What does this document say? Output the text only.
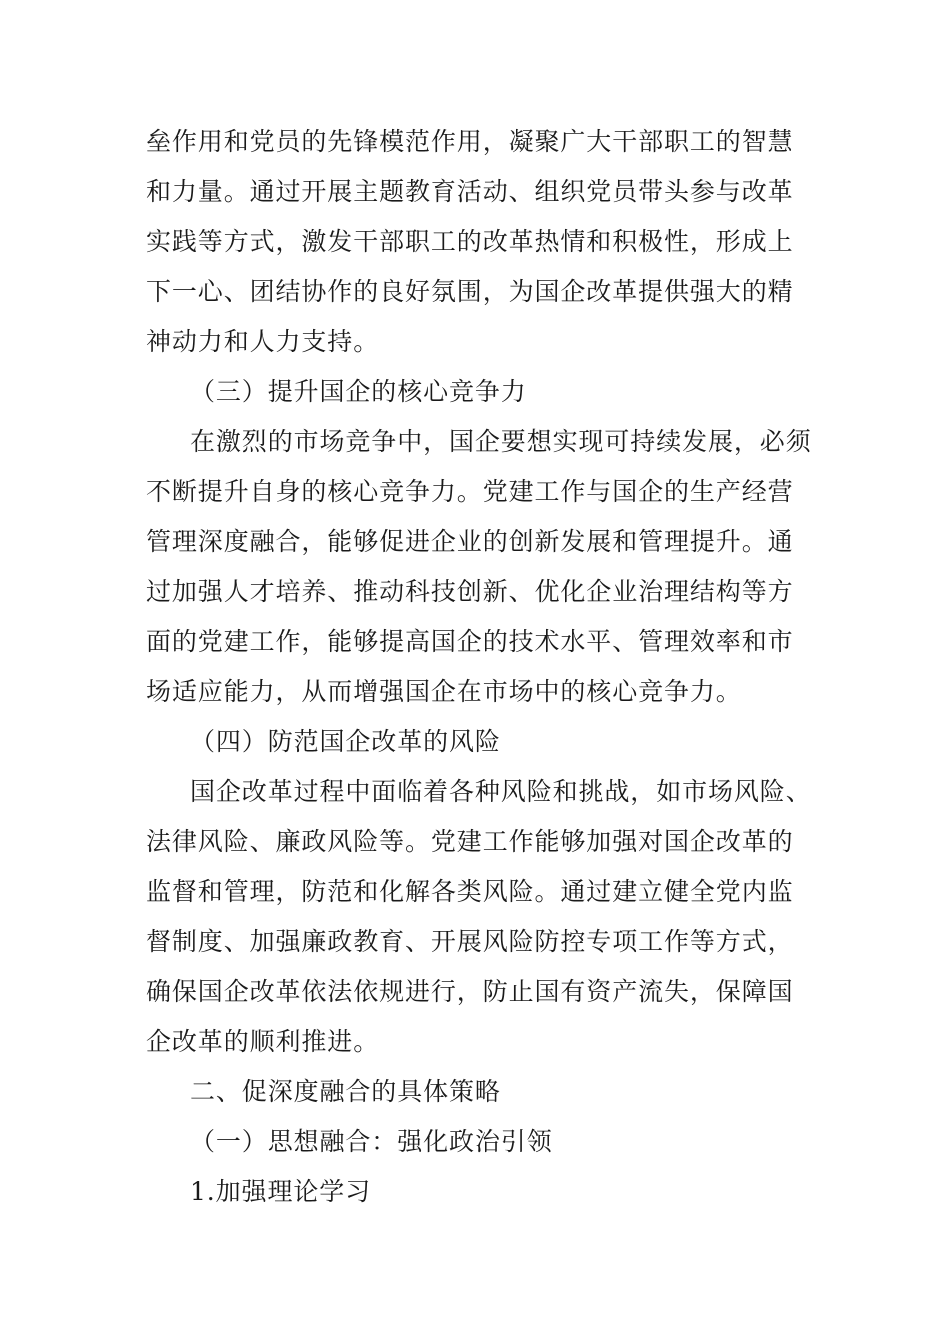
垒作用和党员的先锋模范作用，凝聚广大干部职工的智慧
和力量。通过开展主题教育活动、组织党员带头参与改革
实践等方式，激发干部职工的改革热情和积极性，形成上
下一心、团结协作的良好氛围，为国企改革提供强大的精
神动力和人力支持。
（三）提升国企的核心竞争力
在激烈的市场竞争中，国企要想实现可持续发展，必须
不断提升自身的核心竞争力。党建工作与国企的生产经营
管理深度融合，能够促进企业的创新发展和管理提升。通
过加强人才培养、推动科技创新、优化企业治理结构等方
面的党建工作，能够提高国企的技术水平、管理效率和市
场适应能力，从而增强国企在市场中的核心竞争力。
（四）防范国企改革的风险
国企改革过程中面临着各种风险和挑战，如市场风险、
法律风险、廉政风险等。党建工作能够加强对国企改革的
监督和管理，防范和化解各类风险。通过建立健全党内监
督制度、加强廉政教育、开展风险防控专项工作等方式，
确保国企改革依法依规进行，防止国有资产流失，保障国
企改革的顺利推进。
二、促深度融合的具体策略
（一）思想融合：强化政治引领
1.加强理论学习
